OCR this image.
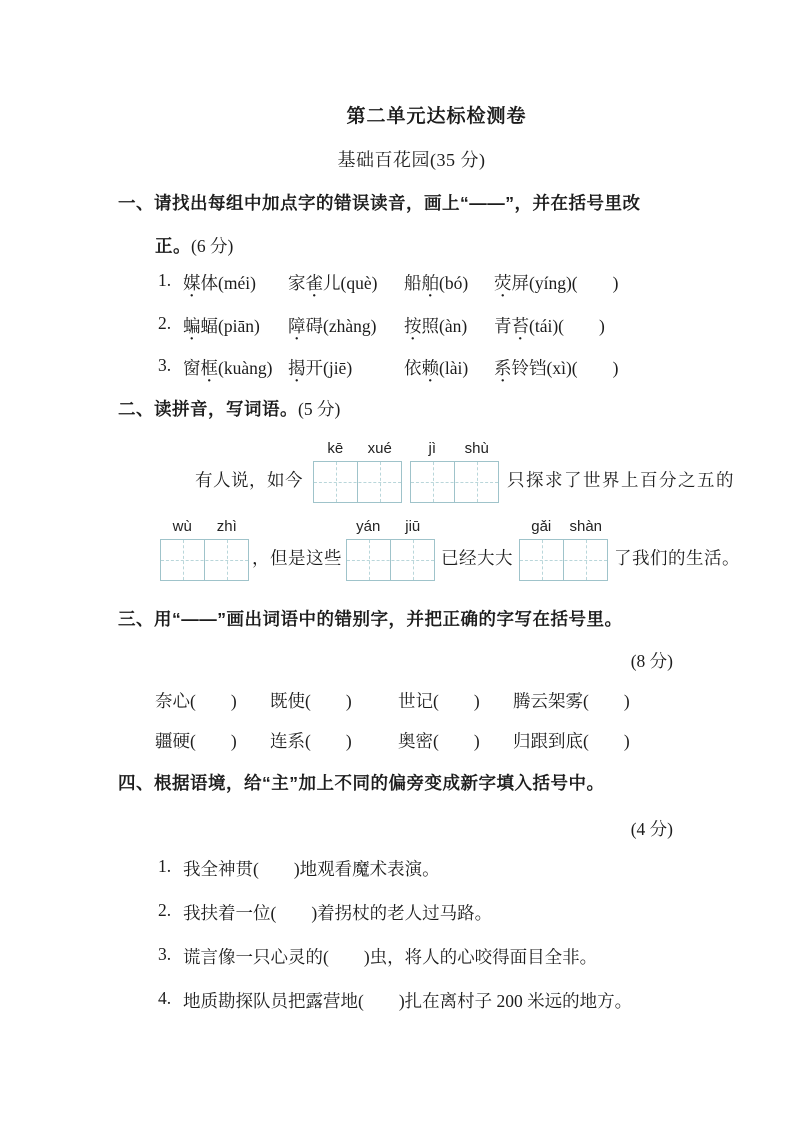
第二单元达标检测卷
基础百花园(35 分)
一、请找出每组中加点字的错误读音，画上“——”，并在括号里改
正。(6 分)
1. 媒体(méi)	家雀儿(què)	船舶(bó)	荧屏(yíng)(　　)
2. 蝙蝠(piān)	障碍(zhàng)	按照(àn)	青苔(tái)(　　)
3. 窗框(kuàng) 揭开(jiē)	依赖(lài)	系铃铛(xì)(　　)
二、读拼音，写词语。(5 分)
有人说，如今
kē	xué	jì	shù
只探求了世界上百分之五的
wù	zhì
，但是这些
yán	jiū
已经大大
gǎi	shàn
了我们的生活。
三、用“——”画出词语中的错别字，并把正确的字写在括号里。
(8 分)
奈心(　　)	既使(　　)	世记(　　)	腾云架雾(　　)
疆硬(　　)	连系(　　)	奥密(　　)	归跟到底(　　)
四、根据语境，给“主”加上不同的偏旁变成新字填入括号中。
(4 分)
1. 我全神贯(　　)地观看魔术表演。
2. 我扶着一位(　　)着拐杖的老人过马路。
3. 谎言像一只心灵的(　　)虫，将人的心咬得面目全非。
4. 地质勘探队员把露营地(　　)扎在离村子 200 米远的地方。
